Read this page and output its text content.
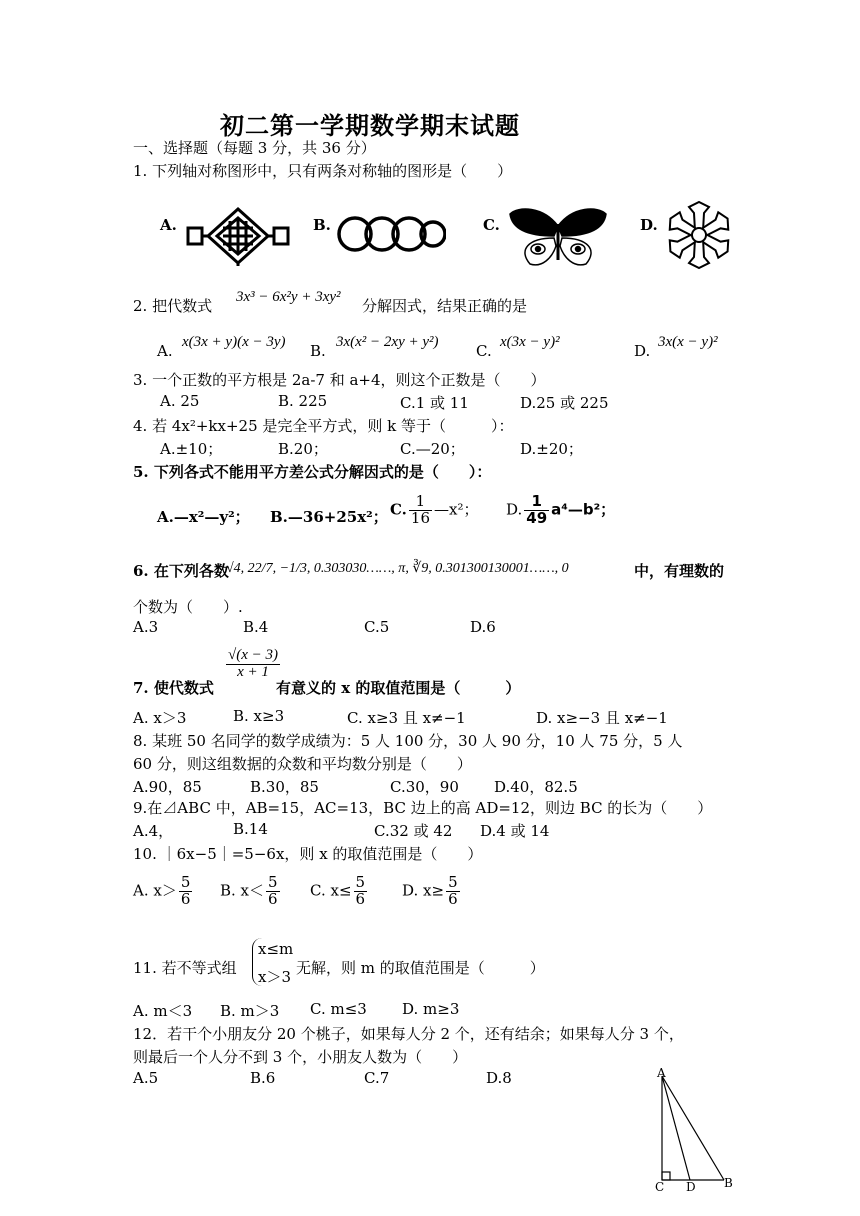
初二第一学期数学期末试题
一、选择题（每题 3 分，共 36 分）
1. 下列轴对称图形中，只有两条对称轴的图形是（　　）
A.	B.	C.	D.
2. 把代数式 3x³ − 6x²y + 3xy² 分解因式，结果正确的是
A. x(3x + y)(x − 3y) B. 3x(x² − 2xy + y²) C. x(3x − y)²	D. 3x(x − y)²
3. 一个正数的平方根是 2a-7 和 a+4，则这个正数是（　　）
A. 25	B. 225	C.1 或 11	D.25 或 225
4. 若 4x²+kx+25 是完全平方式，则 k 等于（　　　）：
A.±10；	B.20；	C.—20；	D.±20；
5. 下列各式不能用平方差公式分解因式的是（　　）：
A.—x²—y²； B.—36+25x²； C. $\frac{1}{16}$ —x²； D. $\frac{1}{49}$ a⁴—b²；
6. 在下列各数
√4, 22/7, −1/3, 0.303030……, π, ∛9, 0.301300130001……, 0	中，有理数的
个数为（　　）.
A.3	B.4	C.5	D.6
7. 使代数式
$\frac{√(x - 3)}{x + 1}$
有意义的 x 的取值范围是（　　　）
A. x＞3	B. x≥3	C. x≥3 且 x≠−1	D. x≥−3 且 x≠−1
8. 某班 50 名同学的数学成绩为：5 人 100 分，30 人 90 分，10 人 75 分，5 人
60 分，则这组数据的众数和平均数分别是（　　）
A.90，85	B.30，85	C.30，90 D.40，82.5
9.在⊿ABC 中，AB=15，AC=13，BC 边上的高 AD=12，则边 BC 的长为（　　）
A.4，	B.14	C.32 或 42 D.4 或 14
10. ｜6x−5｜=5−6x，则 x 的取值范围是（　　）
A. $x> \frac{5}{6} B$. $x< \frac{5}{6} C$. $x\le \frac{5}{6} D$. $x\ge \frac{5}{6}$
11. 若不等式组
x≤m
x＞3 无解，则 m 的取值范围是（　　　）
A. m＜3 B. m＞3 C. m≤3 D. m≥3
12．若干个小朋友分 20 个桃子，如果每人分 2 个，还有结余；如果每人分 3 个，
则最后一个人分不到 3 个，小朋友人数为（　　）
A.5	B.6	C.7	D.8	A
C D B
